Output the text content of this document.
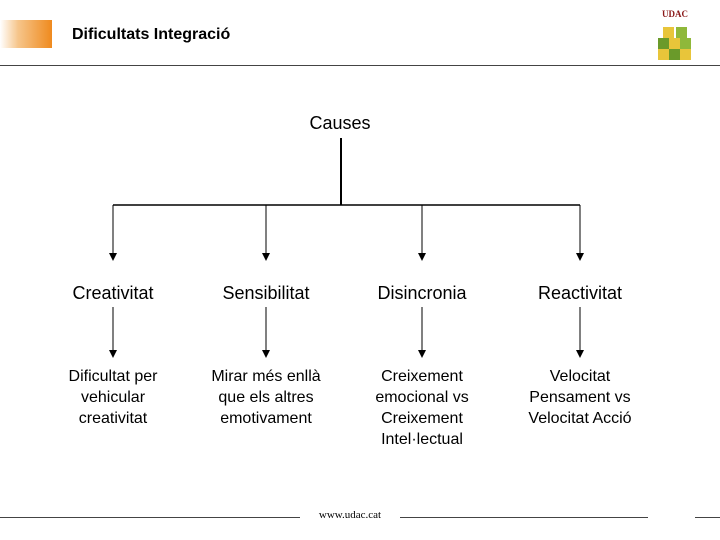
Dificultats Integració
UDAC
Causes
Creativitat	Sensibilitat	Disincronia	Reactivitat
Dificultat per
vehicular
creativitat
Mirar més enllà
que els altres
emotivament
Creixement
emocional vs
Creixement
Intel·lectual
Velocitat
Pensament vs
Velocitat Acció
www.udac.cat
